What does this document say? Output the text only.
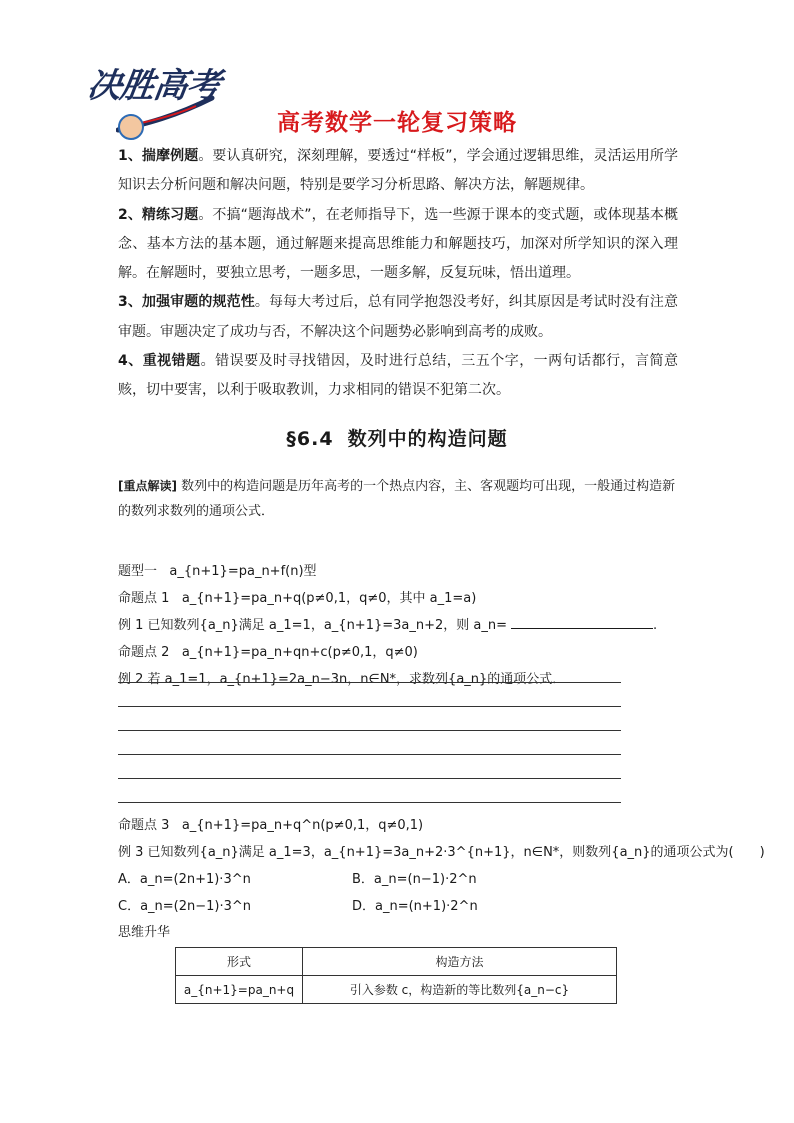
决胜高考
高考数学一轮复习策略

1、揣摩例题。要认真研究，深刻理解，要透过“样板”，学会通过逻辑思维，灵活运用所学知识去分析问题和解决问题，特别是要学习分析思路、解决方法，解题规律。

2、精练习题。不搞“题海战术”，在老师指导下，选一些源于课本的变式题，或体现基本概念、基本方法的基本题，通过解题来提高思维能力和解题技巧，加深对所学知识的深入理解。在解题时，要独立思考，一题多思，一题多解，反复玩味，悟出道理。

3、加强审题的规范性。每每大考过后，总有同学抱怨没考好，纠其原因是考试时没有注意审题。审题决定了成功与否，不解决这个问题势必影响到高考的成败。

4、重视错题。错误要及时寻找错因，及时进行总结，三五个字，一两句话都行，言简意赅，切中要害，以利于吸取教训，力求相同的错误不犯第二次。

§6.4 数列中的构造问题
[重点解读] 数列中的构造问题是历年高考的一个热点内容，主、客观题均可出现，一般通过构造新的数列求数列的通项公式．
题型一 a_{n+1}=pa_n+f(n)型
命题点 1 a_{n+1}=pa_n+q(p≠0,1，q≠0，其中 a_1=a)
例 1 已知数列{a_n}满足 a_1=1，a_{n+1}=3a_n+2，则 a_n=	.
命题点 2 a_{n+1}=pa_n+qn+c(p≠0,1，q≠0)
例 2 若 a_1=1，a_{n+1}=2a_n−3n，n∈N*，求数列{a_n}的通项公式．
命题点 3 a_{n+1}=pa_n+q^n(p≠0,1，q≠0,1)
例 3 已知数列{a_n}满足 a_1=3，a_{n+1}=3a_n+2·3^{n+1}，n∈N*，则数列{a_n}的通项公式为(　　)
A．a_n=(2n+1)·3^n	B．a_n=(n−1)·2^n
C．a_n=(2n−1)·3^n	D．a_n=(n+1)·2^n
思维升华
形式	构造方法
a_{n+1}=pa_n+q	引入参数 c，构造新的等比数列{a_n−c}
